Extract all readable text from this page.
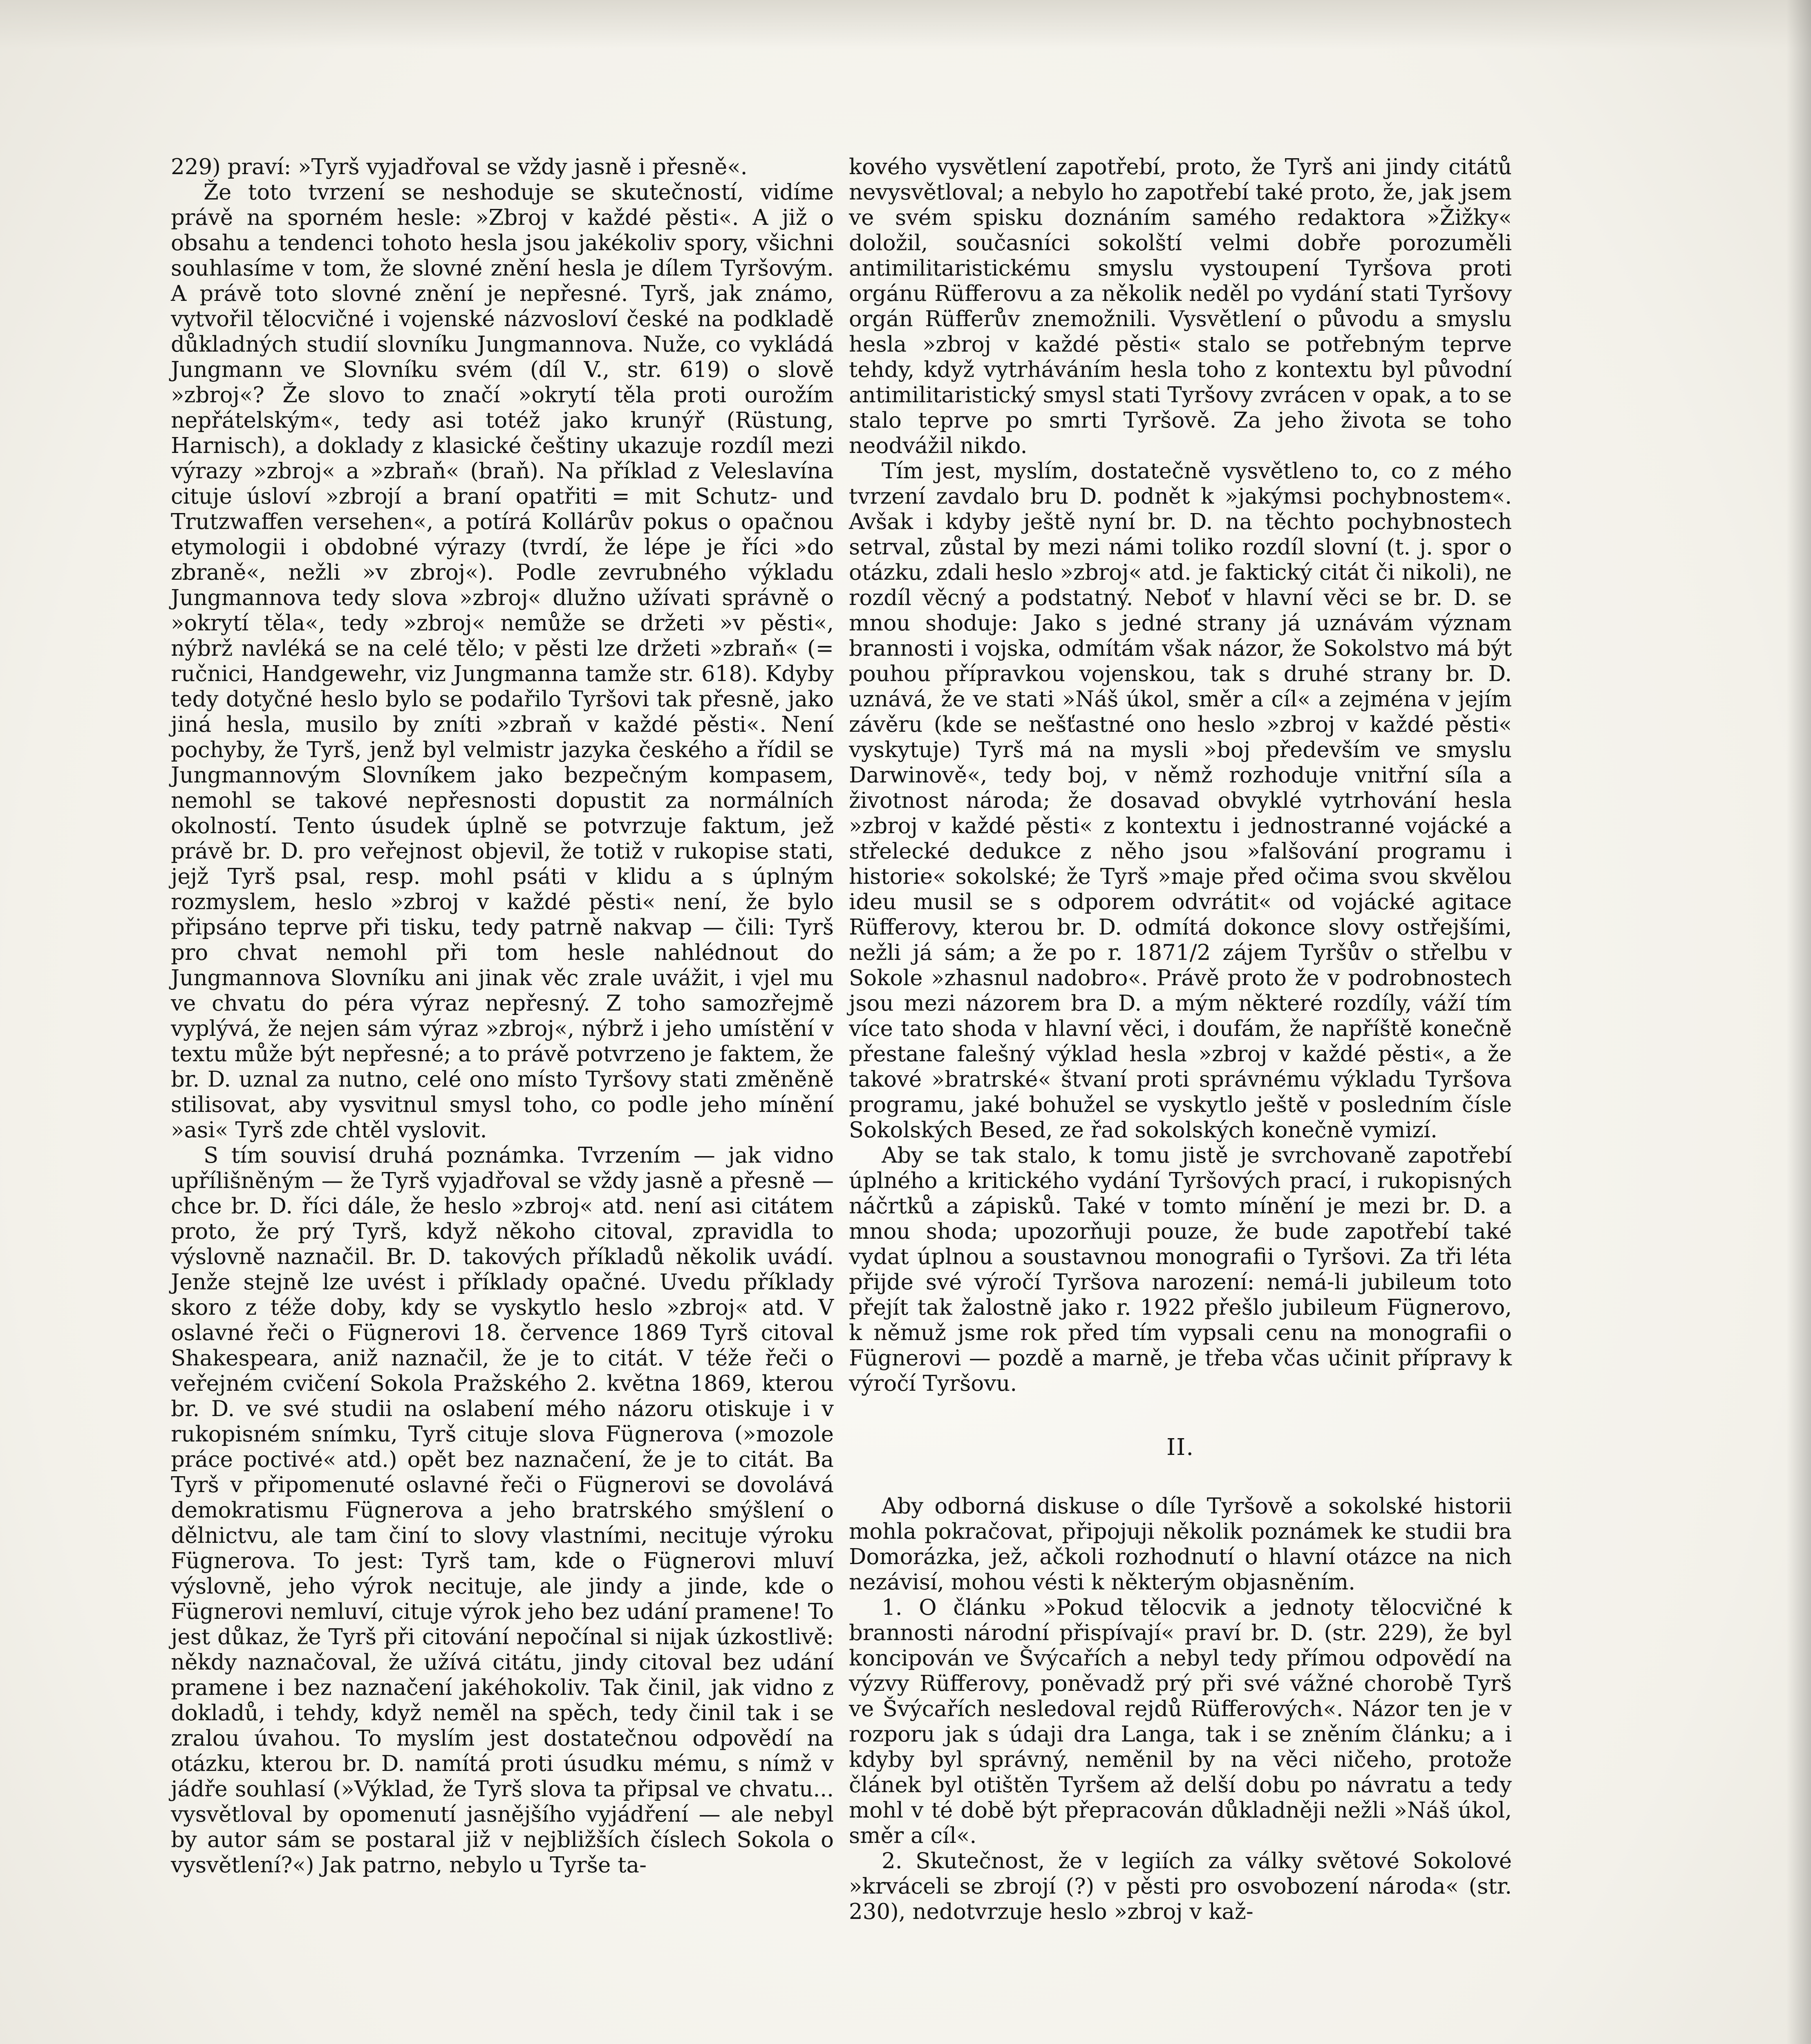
229) praví: »Tyrš vyjadřoval se vždy jasně i přesně«.

Že toto tvrzení se neshoduje se skutečností, vidíme právě na sporném hesle: »Zbroj v každé pěsti«. A již o obsahu a tendenci tohoto hesla jsou jakékoliv spory, všichni souhlasíme v tom, že slovné znění hesla je dílem Tyršovým. A právě toto slovné znění je nepřesné. Tyrš, jak známo, vytvořil tělocvičné i vojenské názvosloví české na podkladě důkladných studií slovníku Jungmannova. Nuže, co vykládá Jungmann ve Slovníku svém (díl V., str. 619) o slově »zbroj«? Že slovo to značí »okrytí těla proti ourožím nepřátelským«, tedy asi totéž jako krunýř (Rüstung, Harnisch), a doklady z klasické češtiny ukazuje rozdíl mezi výrazy »zbroj« a »zbraň« (braň). Na příklad z Veleslavína cituje úsloví »zbrojí a braní opatřiti = mit Schutz- und Trutzwaffen versehen«, a potírá Kollárův pokus o opačnou etymologii i obdobné výrazy (tvrdí, že lépe je říci »do zbraně«, nežli »v zbroj«). Podle zevrubného výkladu Jungmannova tedy slova »zbroj« dlužno užívati správně o »okrytí těla«, tedy »zbroj« nemůže se držeti »v pěsti«, nýbrž navléká se na celé tělo; v pěsti lze držeti »zbraň« (= ručnici, Handgewehr, viz Jungmanna tamže str. 618). Kdyby tedy dotyčné heslo bylo se podařilo Tyršovi tak přesně, jako jiná hesla, musilo by zníti »zbraň v každé pěsti«. Není pochyby, že Tyrš, jenž byl velmistr jazyka českého a řídil se Jungmannovým Slovníkem jako bezpečným kompasem, nemohl se takové nepřesnosti dopustit za normálních okolností. Tento úsudek úplně se potvrzuje faktum, jež právě br. D. pro veřejnost objevil, že totiž v rukopise stati, jejž Tyrš psal, resp. mohl psáti v klidu a s úplným rozmyslem, heslo »zbroj v každé pěsti« není, že bylo připsáno teprve při tisku, tedy patrně nakvap — čili: Tyrš pro chvat nemohl při tom hesle nahlédnout do Jungmannova Slovníku ani jinak věc zrale uvážit, i vjel mu ve chvatu do péra výraz nepřesný. Z toho samozřejmě vyplývá, že nejen sám výraz »zbroj«, nýbrž i jeho umístění v textu může být nepřesné; a to právě potvrzeno je faktem, že br. D. uznal za nutno, celé ono místo Tyršovy stati změněně stilisovat, aby vysvitnul smysl toho, co podle jeho mínění »asi« Tyrš zde chtěl vyslovit.

S tím souvisí druhá poznámka. Tvrzením — jak vidno upřílišněným — že Tyrš vyjadřoval se vždy jasně a přesně — chce br. D. říci dále, že heslo »zbroj« atd. není asi citátem proto, že prý Tyrš, když někoho citoval, zpravidla to výslovně naznačil. Br. D. takových příkladů několik uvádí. Jenže stejně lze uvést i příklady opačné. Uvedu příklady skoro z téže doby, kdy se vyskytlo heslo »zbroj« atd. V oslavné řeči o Fügnerovi 18. července 1869 Tyrš citoval Shakespeara, aniž naznačil, že je to citát. V téže řeči o veřejném cvičení Sokola Pražského 2. května 1869, kterou br. D. ve své studii na oslabení mého názoru otiskuje i v rukopisném snímku, Tyrš cituje slova Fügnerova (»mozole práce poctivé« atd.) opět bez naznačení, že je to citát. Ba Tyrš v připomenuté oslavné řeči o Fügnerovi se dovolává demokratismu Fügnerova a jeho bratrského smýšlení o dělnictvu, ale tam činí to slovy vlastními, necituje výroku Fügnerova. To jest: Tyrš tam, kde o Fügnerovi mluví výslovně, jeho výrok necituje, ale jindy a jinde, kde o Fügnerovi nemluví, cituje výrok jeho bez udání pramene! To jest důkaz, že Tyrš při citování nepočínal si nijak úzkostlivě: někdy naznačoval, že užívá citátu, jindy citoval bez udání pramene i bez naznačení jakéhokoliv. Tak činil, jak vidno z dokladů, i tehdy, když neměl na spěch, tedy činil tak i se zralou úvahou. To myslím jest dostatečnou odpovědí na otázku, kterou br. D. namítá proti úsudku mému, s nímž v jádře souhlasí (»Výklad, že Tyrš slova ta připsal ve chvatu... vysvětloval by opomenutí jasnějšího vyjádření — ale nebyl by autor sám se postaral již v nejbližších číslech Sokola o vysvětlení?«) Jak patrno, nebylo u Tyrše ta-

kového vysvětlení zapotřebí, proto, že Tyrš ani jindy citátů nevysvětloval; a nebylo ho zapotřebí také proto, že, jak jsem ve svém spisku doznáním samého redaktora »Žižky« doložil, současníci sokolští velmi dobře porozuměli antimilitaristickému smyslu vystoupení Tyršova proti orgánu Rüfferovu a za několik neděl po vydání stati Tyršovy orgán Rüfferův znemožnili. Vysvětlení o původu a smyslu hesla »zbroj v každé pěsti« stalo se potřebným teprve tehdy, když vytrháváním hesla toho z kontextu byl původní antimilitaristický smysl stati Tyršovy zvrácen v opak, a to se stalo teprve po smrti Tyršově. Za jeho života se toho neodvážil nikdo.

Tím jest, myslím, dostatečně vysvětleno to, co z mého tvrzení zavdalo bru D. podnět k »jakýmsi pochybnostem«. Avšak i kdyby ještě nyní br. D. na těchto pochybnostech setrval, zůstal by mezi námi toliko rozdíl slovní (t. j. spor o otázku, zdali heslo »zbroj« atd. je faktický citát či nikoli), ne rozdíl věcný a podstatný. Neboť v hlavní věci se br. D. se mnou shoduje: Jako s jedné strany já uznávám význam brannosti i vojska, odmítám však názor, že Sokolstvo má být pouhou přípravkou vojenskou, tak s druhé strany br. D. uznává, že ve stati »Náš úkol, směr a cíl« a zejména v jejím závěru (kde se nešťastné ono heslo »zbroj v každé pěsti« vyskytuje) Tyrš má na mysli »boj především ve smyslu Darwinově«, tedy boj, v němž rozhoduje vnitřní síla a životnost národa; že dosavad obvyklé vytrhování hesla »zbroj v každé pěsti« z kontextu i jednostranné vojácké a střelecké dedukce z něho jsou »falšování programu i historie« sokolské; že Tyrš »maje před očima svou skvělou ideu musil se s odporem odvrátit« od vojácké agitace Rüfferovy, kterou br. D. odmítá dokonce slovy ostřejšími, nežli já sám; a že po r. 1871/2 zájem Tyršův o střelbu v Sokole »zhasnul nadobro«. Právě proto že v podrobnostech jsou mezi názorem bra D. a mým některé rozdíly, váží tím více tato shoda v hlavní věci, i doufám, že napříště konečně přestane falešný výklad hesla »zbroj v každé pěsti«, a že takové »bratrské« štvaní proti správnému výkladu Tyršova programu, jaké bohužel se vyskytlo ještě v posledním čísle Sokolských Besed, ze řad sokolských konečně vymizí.

Aby se tak stalo, k tomu jistě je svrchovaně zapotřebí úplného a kritického vydání Tyršových prací, i rukopisných náčrtků a zápisků. Také v tomto mínění je mezi br. D. a mnou shoda; upozorňuji pouze, že bude zapotřebí také vydat úplnou a soustavnou monografii o Tyršovi. Za tři léta přijde své výročí Tyršova narození: nemá-li jubileum toto přejít tak žalostně jako r. 1922 přešlo jubileum Fügnerovo, k němuž jsme rok před tím vypsali cenu na monografii o Fügnerovi — pozdě a marně, je třeba včas učinit přípravy k výročí Tyršovu.

II.

Aby odborná diskuse o díle Tyršově a sokolské historii mohla pokračovat, připojuji několik poznámek ke studii bra Domorázka, jež, ačkoli rozhodnutí o hlavní otázce na nich nezávisí, mohou vésti k některým objasněním.

1. O článku »Pokud tělocvik a jednoty tělocvičné k brannosti národní přispívají« praví br. D. (str. 229), že byl koncipován ve Švýcařích a nebyl tedy přímou odpovědí na výzvy Rüfferovy, poněvadž prý při své vážné chorobě Tyrš ve Švýcařích nesledoval rejdů Rüfferových«. Názor ten je v rozporu jak s údaji dra Langa, tak i se zněním článku; a i kdyby byl správný, neměnil by na věci ničeho, protože článek byl otištěn Tyršem až delší dobu po návratu a tedy mohl v té době být přepracován důkladněji nežli »Náš úkol, směr a cíl«.

2. Skutečnost, že v legiích za války světové Sokolové »krváceli se zbrojí (?) v pěsti pro osvobození národa« (str. 230), nedotvrzuje heslo »zbroj v kaž-
